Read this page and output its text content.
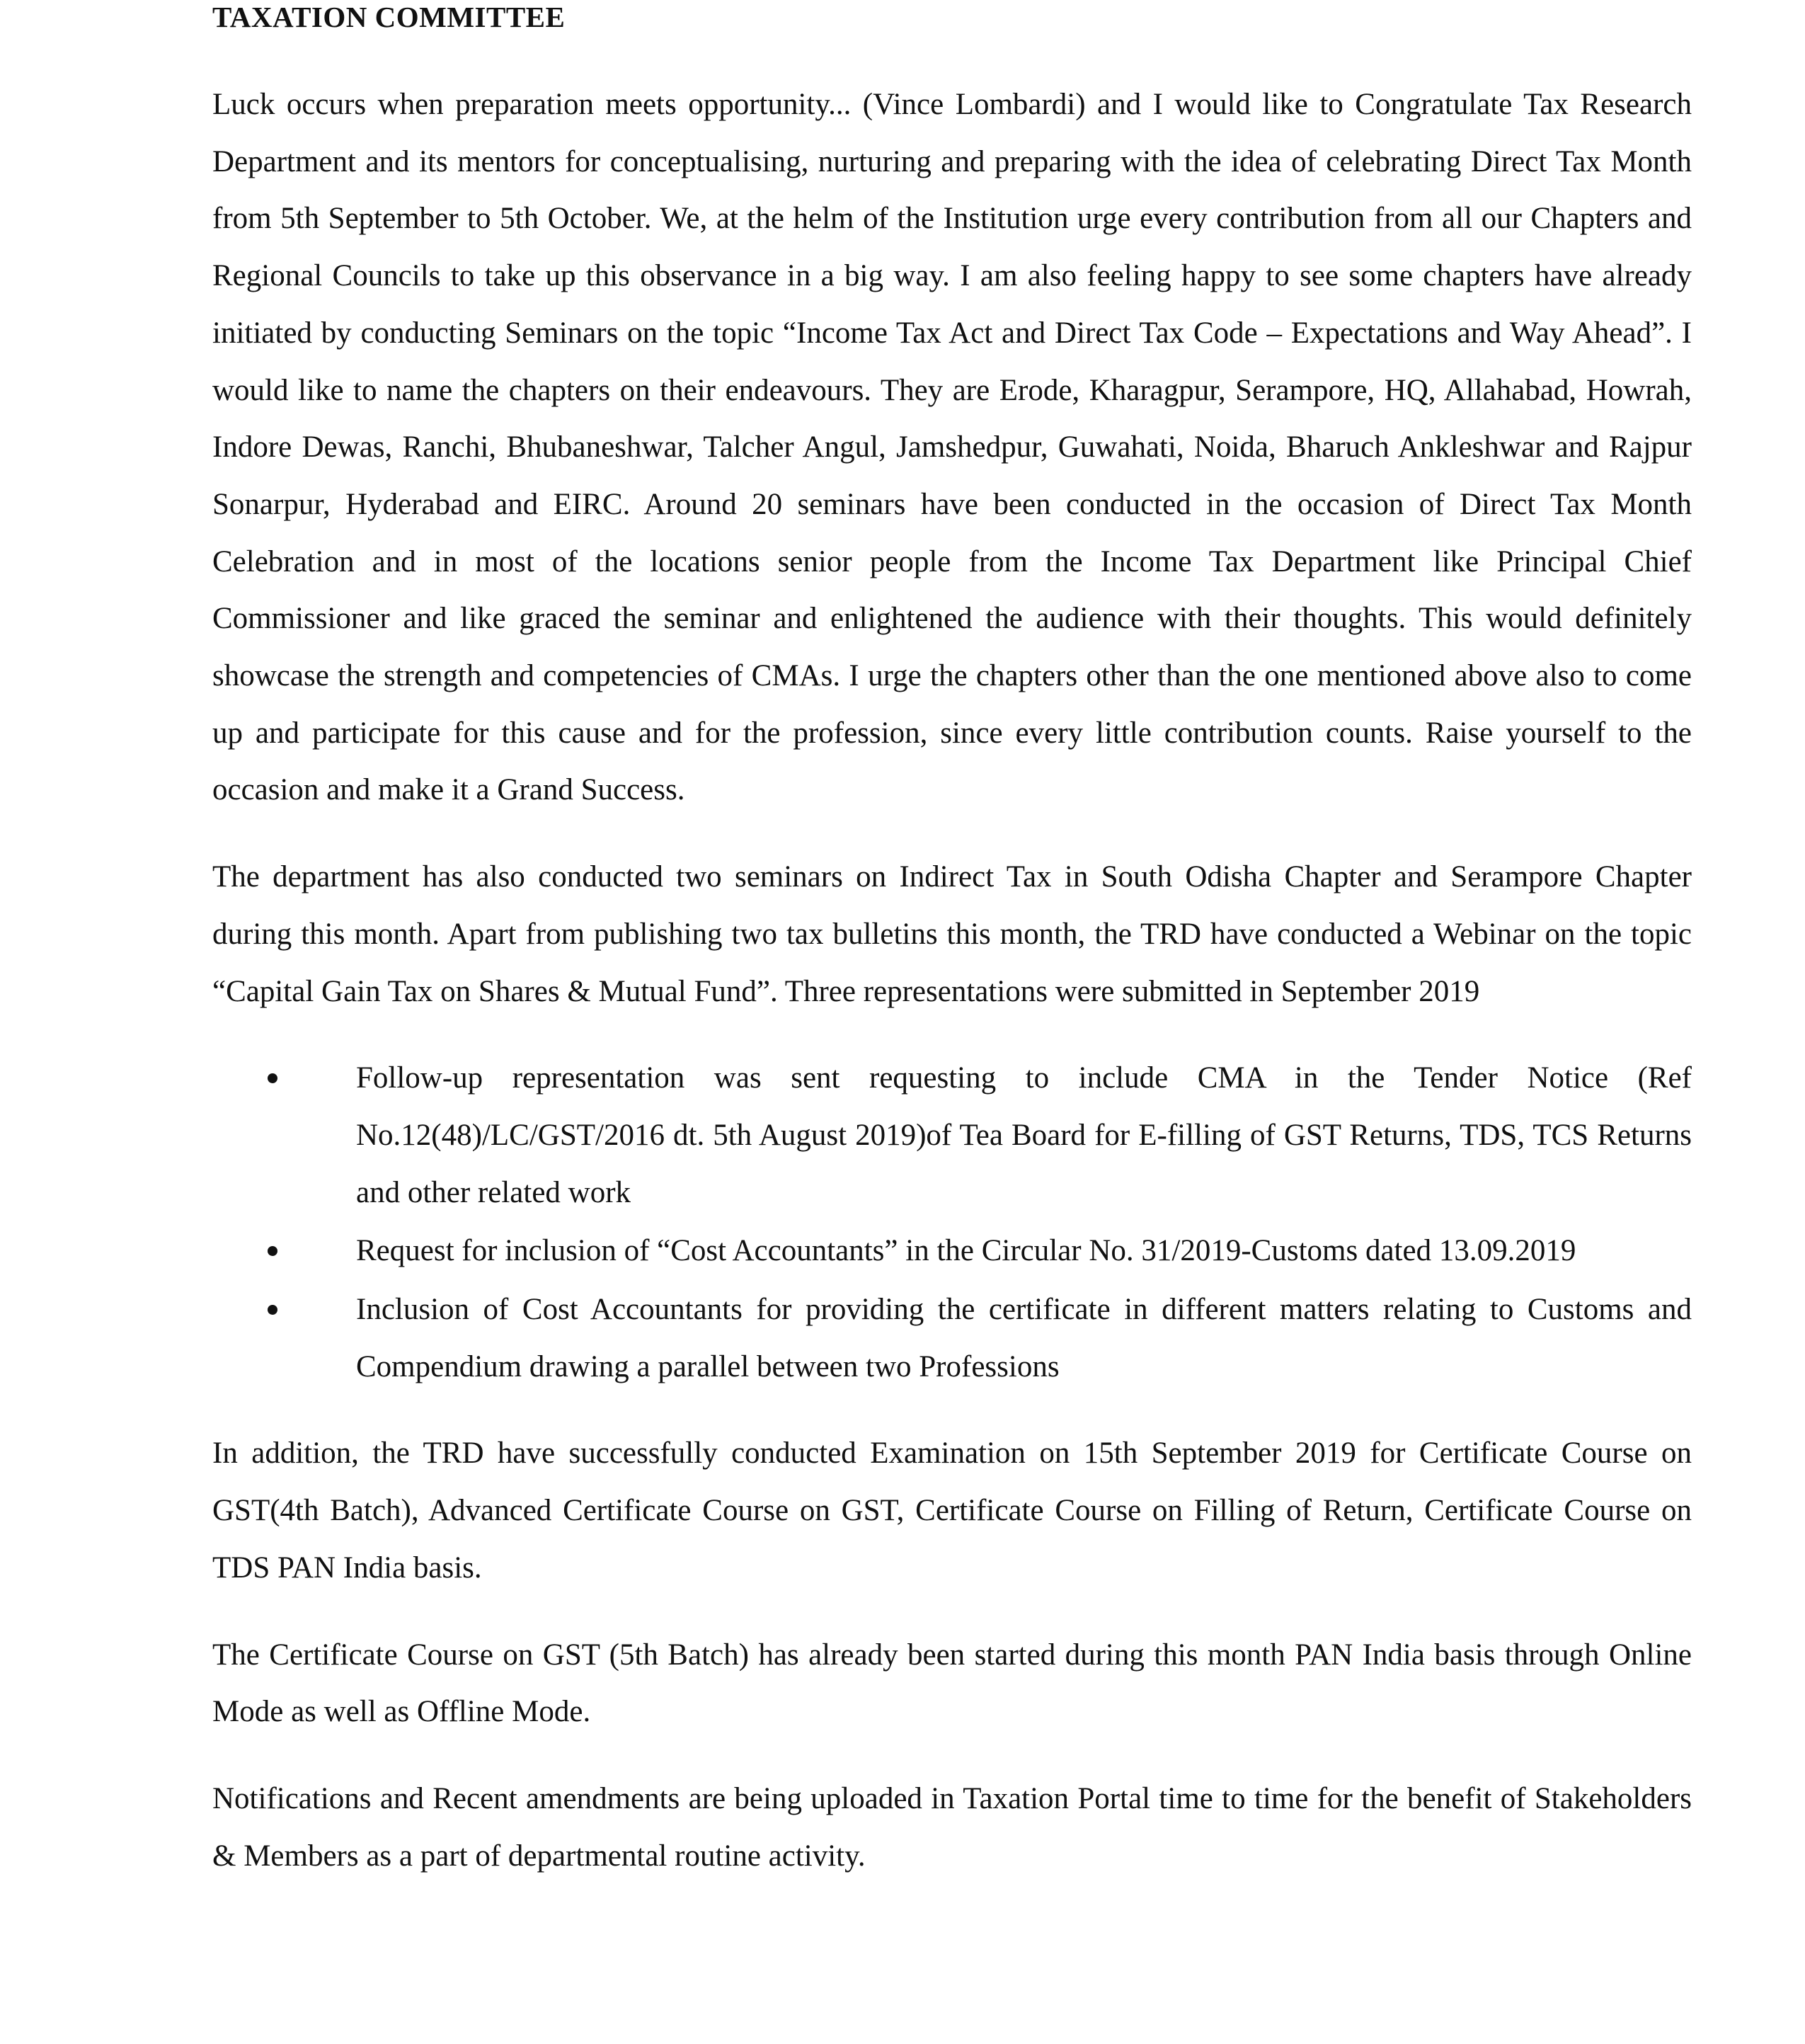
TAXATION COMMITTEE

Luck occurs when preparation meets opportunity... (Vince Lombardi) and I would like to Congratulate Tax Research Department and its mentors for conceptualising, nurturing and preparing with the idea of celebrating Direct Tax Month from 5th September to 5th October. We, at the helm of the Institution urge every contribution from all our Chapters and Regional Councils to take up this observance in a big way. I am also feeling happy to see some chapters have already initiated by conducting Seminars on the topic “Income Tax Act and Direct Tax Code – Expectations and Way Ahead”. I would like to name the chapters on their endeavours. They are Erode, Kharagpur, Serampore, HQ, Allahabad, Howrah, Indore Dewas, Ranchi, Bhubaneshwar, Talcher Angul, Jamshedpur, Guwahati, Noida, Bharuch Ankleshwar and Rajpur Sonarpur, Hyderabad and EIRC. Around 20 seminars have been conducted in the occasion of Direct Tax Month Celebration and in most of the locations senior people from the Income Tax Department like Principal Chief Commissioner and like graced the seminar and enlightened the audience with their thoughts. This would definitely showcase the strength and competencies of CMAs. I urge the chapters other than the one mentioned above also to come up and participate for this cause and for the profession, since every little contribution counts. Raise yourself to the occasion and make it a Grand Success.

The department has also conducted two seminars on Indirect Tax in South Odisha Chapter and Serampore Chapter during this month. Apart from publishing two tax bulletins this month, the TRD have conducted a Webinar on the topic “Capital Gain Tax on Shares & Mutual Fund”. Three representations were submitted in September 2019

Follow-up representation was sent requesting to include CMA in the Tender Notice (Ref No.12(48)/LC/GST/2016 dt. 5th August 2019)of Tea Board for E-filling of GST Returns, TDS, TCS Returns and other related work
Request for inclusion of “Cost Accountants” in the Circular No. 31/2019-Customs dated 13.09.2019
Inclusion of Cost Accountants for providing the certificate in different matters relating to Customs and Compendium drawing a parallel between two Professions

In addition, the TRD have successfully conducted Examination on 15th September 2019 for Certificate Course on GST(4th Batch), Advanced Certificate Course on GST, Certificate Course on Filling of Return, Certificate Course on TDS PAN India basis.

The Certificate Course on GST (5th Batch) has already been started during this month PAN India basis through Online Mode as well as Offline Mode.

Notifications and Recent amendments are being uploaded in Taxation Portal time to time for the benefit of Stakeholders & Members as a part of departmental routine activity.
